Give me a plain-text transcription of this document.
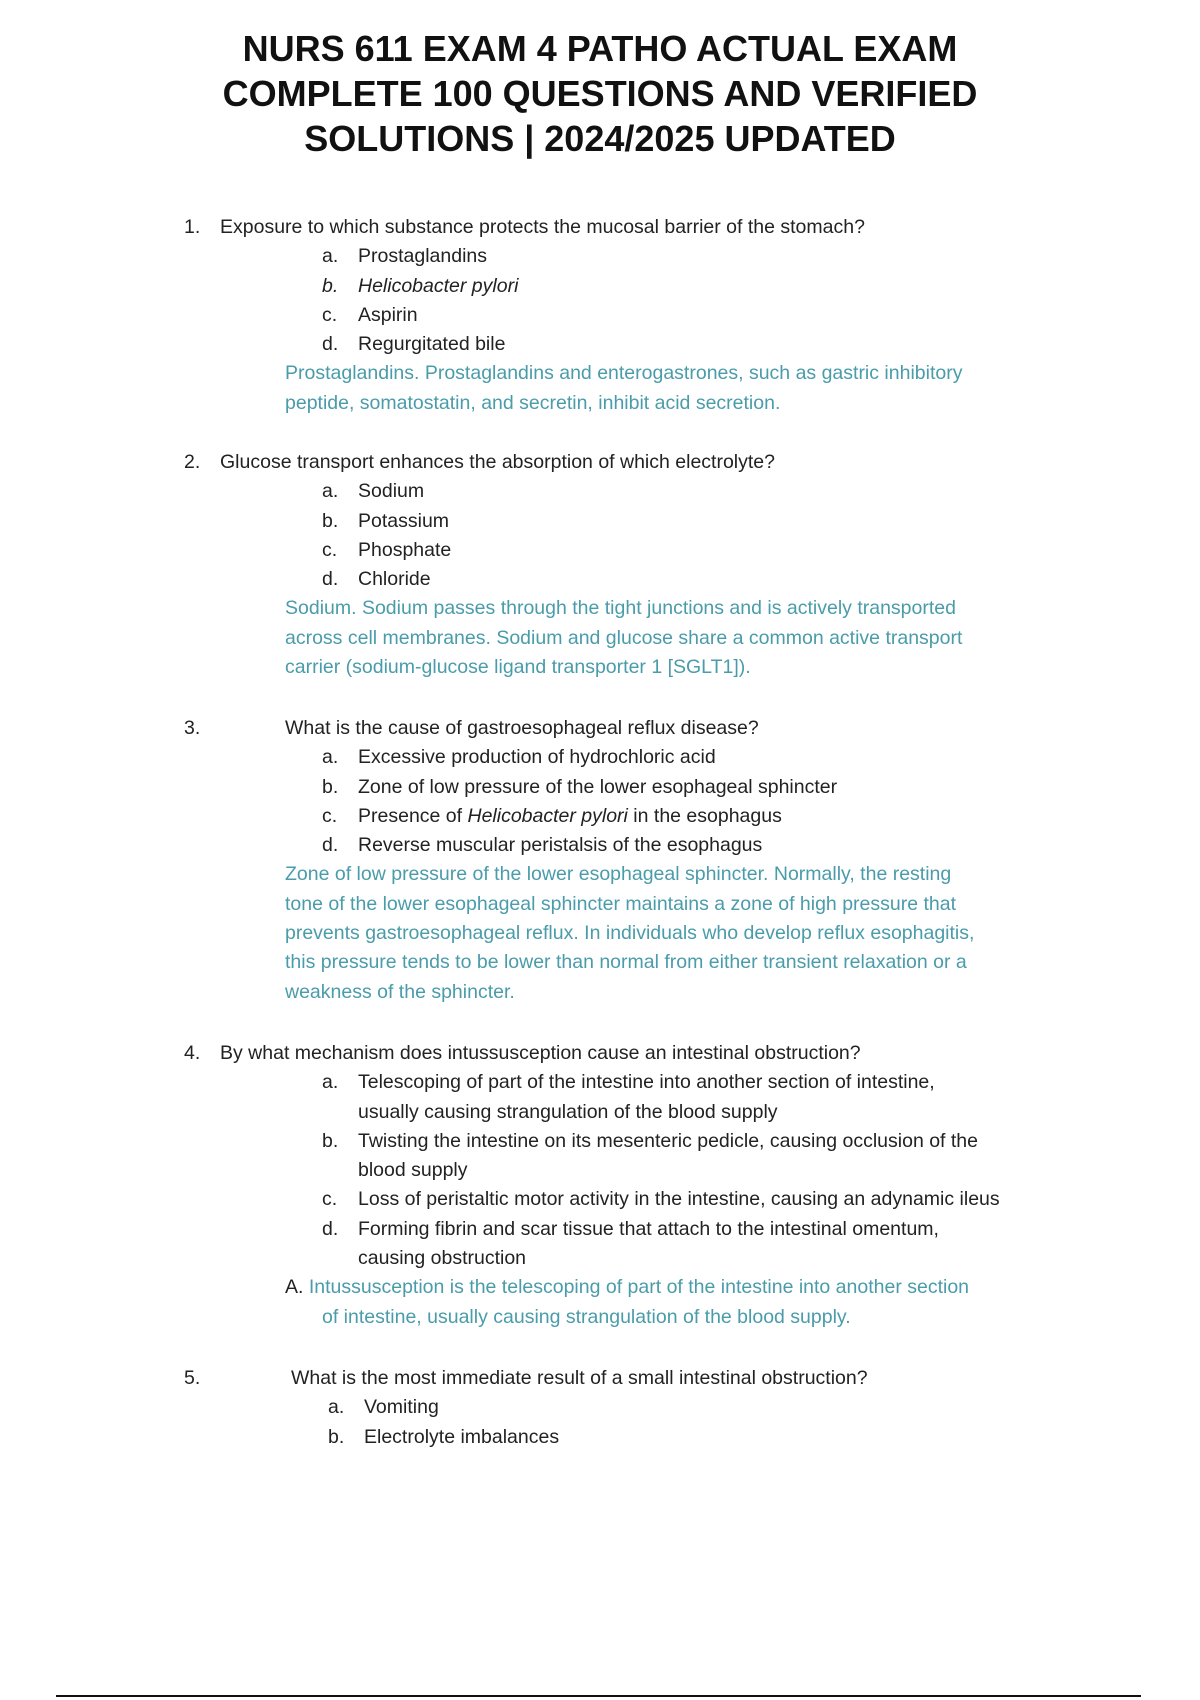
NURS 611 EXAM 4 PATHO ACTUAL EXAM
COMPLETE 100 QUESTIONS AND VERIFIED
SOLUTIONS | 2024/2025 UPDATED
1. Exposure to which substance protects the mucosal barrier of the stomach?
a. Prostaglandins
b. Helicobacter pylori
c. Aspirin
d. Regurgitated bile
Prostaglandins. Prostaglandins and enterogastrones, such as gastric inhibitory
peptide, somatostatin, and secretin, inhibit acid secretion.
2. Glucose transport enhances the absorption of which electrolyte?
a. Sodium
b. Potassium
c. Phosphate
d. Chloride
Sodium. Sodium passes through the tight junctions and is actively transported
across cell membranes. Sodium and glucose share a common active transport
carrier (sodium-glucose ligand transporter 1 [SGLT1]).
3.	What is the cause of gastroesophageal reflux disease?
a. Excessive production of hydrochloric acid
b. Zone of low pressure of the lower esophageal sphincter
c. Presence of Helicobacter pylori in the esophagus
d. Reverse muscular peristalsis of the esophagus
Zone of low pressure of the lower esophageal sphincter. Normally, the resting
tone of the lower esophageal sphincter maintains a zone of high pressure that
prevents gastroesophageal reflux. In individuals who develop reflux esophagitis,
this pressure tends to be lower than normal from either transient relaxation or a
weakness of the sphincter.
4. By what mechanism does intussusception cause an intestinal obstruction?
a. Telescoping of part of the intestine into another section of intestine,
usually causing strangulation of the blood supply
b. Twisting the intestine on its mesenteric pedicle, causing occlusion of the
blood supply
c. Loss of peristaltic motor activity in the intestine, causing an adynamic ileus
d. Forming fibrin and scar tissue that attach to the intestinal omentum,
causing obstruction
A. Intussusception is the telescoping of part of the intestine into another section
of intestine, usually causing strangulation of the blood supply.
5.	What is the most immediate result of a small intestinal obstruction?
a. Vomiting
b. Electrolyte imbalances
